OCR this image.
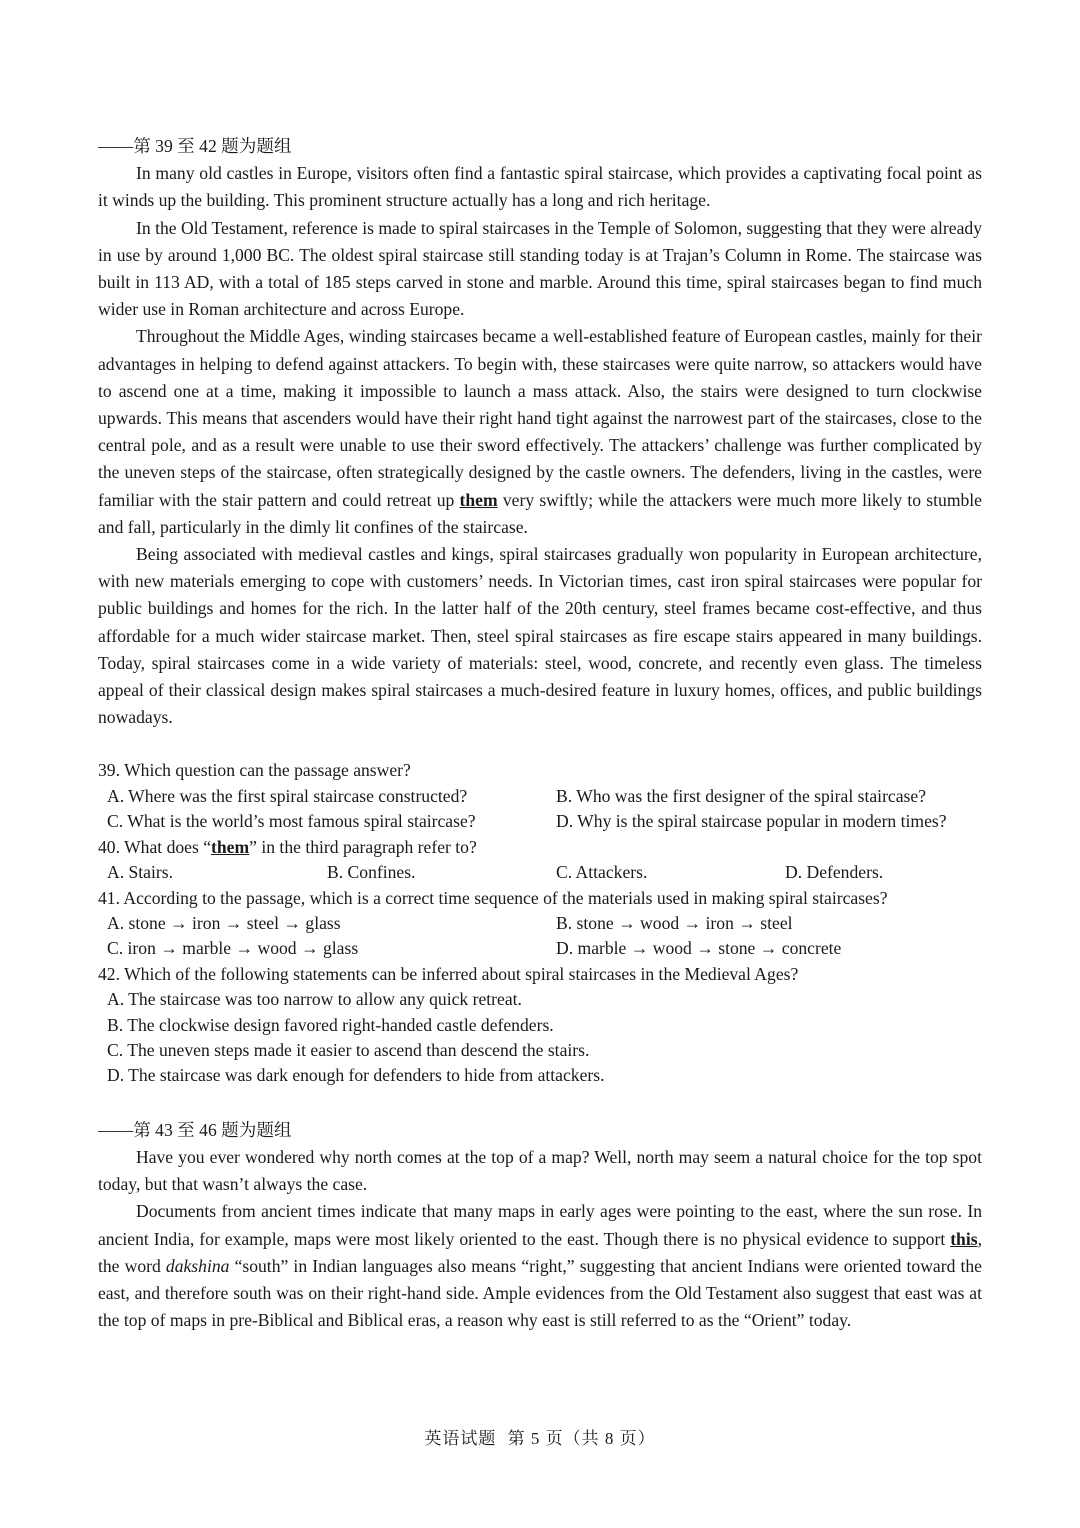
——第 39 至 42 题为题组

In many old castles in Europe, visitors often find a fantastic spiral staircase, which provides a captivating focal point as it winds up the building. This prominent structure actually has a long and rich heritage.

In the Old Testament, reference is made to spiral staircases in the Temple of Solomon, suggesting that they were already in use by around 1,000 BC. The oldest spiral staircase still standing today is at Trajan’s Column in Rome. The staircase was built in 113 AD, with a total of 185 steps carved in stone and marble. Around this time, spiral staircases began to find much wider use in Roman architecture and across Europe.

Throughout the Middle Ages, winding staircases became a well-established feature of European castles, mainly for their advantages in helping to defend against attackers. To begin with, these staircases were quite narrow, so attackers would have to ascend one at a time, making it impossible to launch a mass attack. Also, the stairs were designed to turn clockwise upwards. This means that ascenders would have their right hand tight against the narrowest part of the staircases, close to the central pole, and as a result were unable to use their sword effectively. The attackers’ challenge was further complicated by the uneven steps of the staircase, often strategically designed by the castle owners. The defenders, living in the castles, were familiar with the stair pattern and could retreat up them very swiftly; while the attackers were much more likely to stumble and fall, particularly in the dimly lit confines of the staircase.

Being associated with medieval castles and kings, spiral staircases gradually won popularity in European architecture, with new materials emerging to cope with customers’ needs. In Victorian times, cast iron spiral staircases were popular for public buildings and homes for the rich. In the latter half of the 20th century, steel frames became cost-effective, and thus affordable for a much wider staircase market. Then, steel spiral staircases as fire escape stairs appeared in many buildings. Today, spiral staircases come in a wide variety of materials: steel, wood, concrete, and recently even glass. The timeless appeal of their classical design makes spiral staircases a much-desired feature in luxury homes, offices, and public buildings nowadays.

39. Which question can the passage answer?
A. Where was the first spiral staircase constructed?	B. Who was the first designer of the spiral staircase?
C. What is the world’s most famous spiral staircase?	D. Why is the spiral staircase popular in modern times?
40. What does “them” in the third paragraph refer to?
A. Stairs.	B. Confines.	C. Attackers.	D. Defenders.
41. According to the passage, which is a correct time sequence of the materials used in making spiral staircases?
A. stone → iron → steel → glass	B. stone → wood → iron → steel
C. iron → marble → wood → glass	D. marble → wood → stone → concrete
42. Which of the following statements can be inferred about spiral staircases in the Medieval Ages?
A. The staircase was too narrow to allow any quick retreat.
B. The clockwise design favored right-handed castle defenders.
C. The uneven steps made it easier to ascend than descend the stairs.
D. The staircase was dark enough for defenders to hide from attackers.
——第 43 至 46 题为题组

Have you ever wondered why north comes at the top of a map? Well, north may seem a natural choice for the top spot today, but that wasn’t always the case.

Documents from ancient times indicate that many maps in early ages were pointing to the east, where the sun rose. In ancient India, for example, maps were most likely oriented to the east. Though there is no physical evidence to support this, the word dakshina “south” in Indian languages also means “right,” suggesting that ancient Indians were oriented toward the east, and therefore south was on their right-hand side. Ample evidences from the Old Testament also suggest that east was at the top of maps in pre-Biblical and Biblical eras, a reason why east is still referred to as the “Orient” today.

英语试题 第 5 页（共 8 页）
